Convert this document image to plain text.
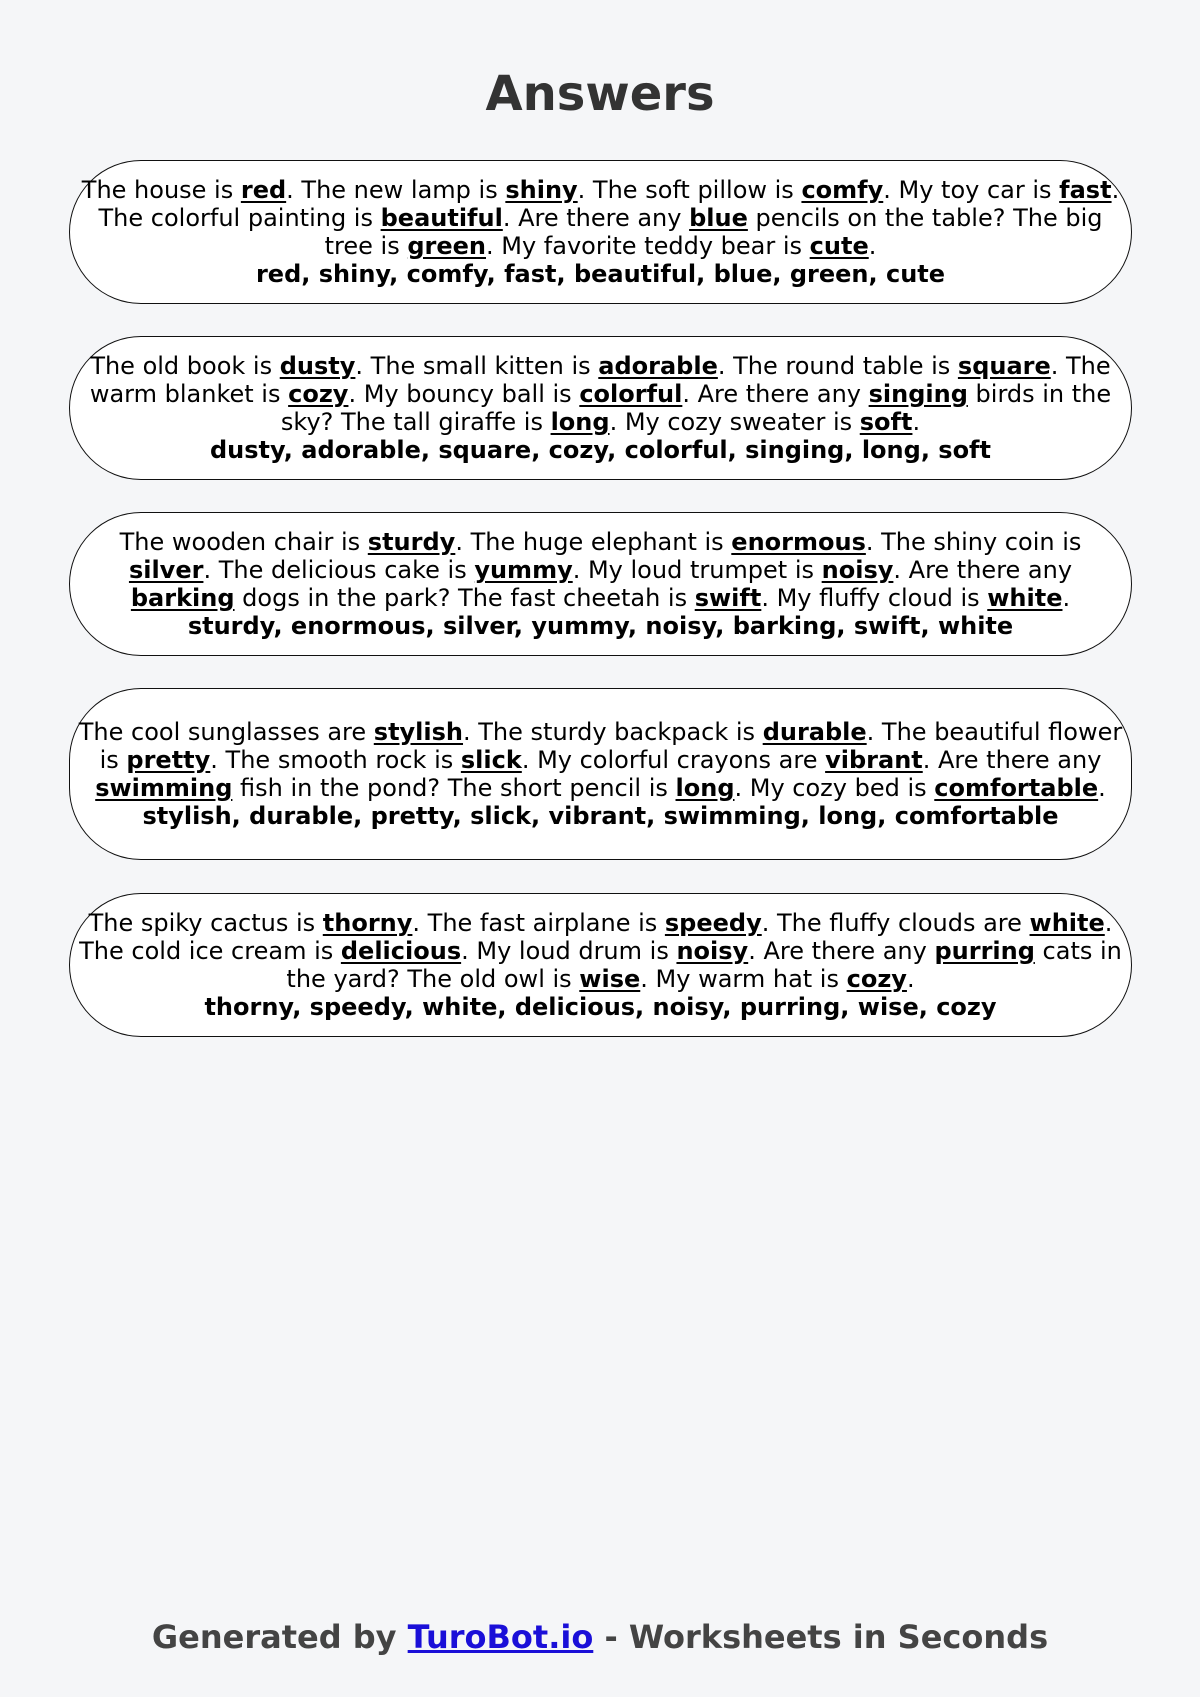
Answers
The house is red. The new lamp is shiny. The soft pillow is comfy. My toy car is fast. The colorful painting is beautiful. Are there any blue pencils on the table? The big tree is green. My favorite teddy bear is cute.
red, shiny, comfy, fast, beautiful, blue, green, cute
The old book is dusty. The small kitten is adorable. The round table is square. The warm blanket is cozy. My bouncy ball is colorful. Are there any singing birds in the sky? The tall giraffe is long. My cozy sweater is soft.
dusty, adorable, square, cozy, colorful, singing, long, soft
The wooden chair is sturdy. The huge elephant is enormous. The shiny coin is silver. The delicious cake is yummy. My loud trumpet is noisy. Are there any barking dogs in the park? The fast cheetah is swift. My fluffy cloud is white.
sturdy, enormous, silver, yummy, noisy, barking, swift, white
The cool sunglasses are stylish. The sturdy backpack is durable. The beautiful flower is pretty. The smooth rock is slick. My colorful crayons are vibrant. Are there any swimming fish in the pond? The short pencil is long. My cozy bed is comfortable.
stylish, durable, pretty, slick, vibrant, swimming, long, comfortable
The spiky cactus is thorny. The fast airplane is speedy. The fluffy clouds are white. The cold ice cream is delicious. My loud drum is noisy. Are there any purring cats in the yard? The old owl is wise. My warm hat is cozy.
thorny, speedy, white, delicious, noisy, purring, wise, cozy
Generated by TuroBot.io - Worksheets in Seconds
